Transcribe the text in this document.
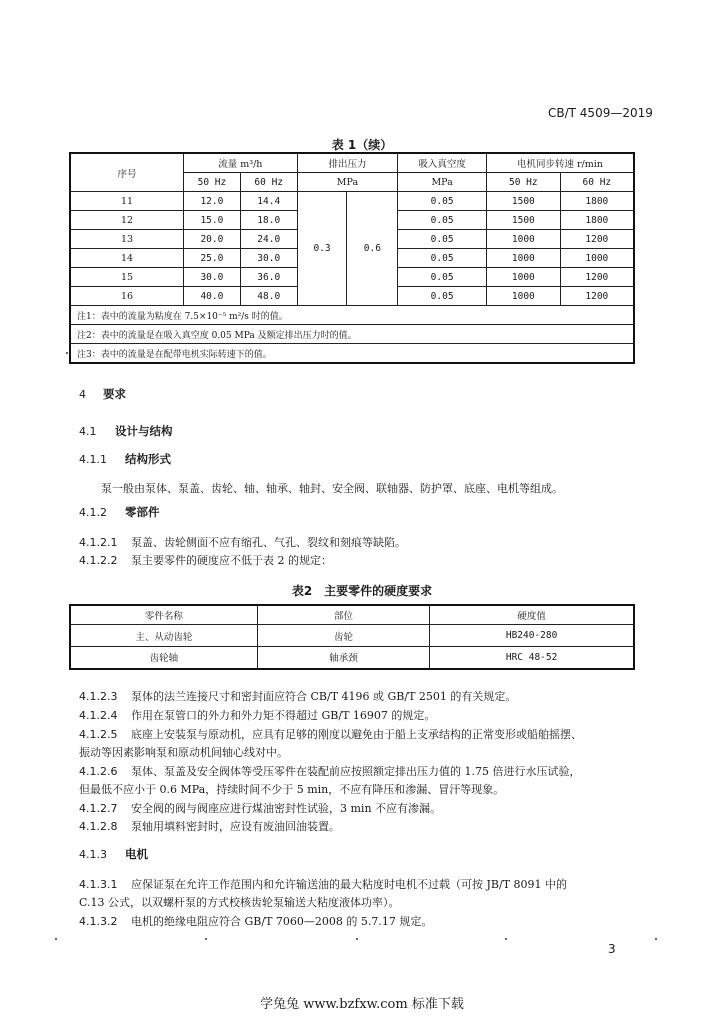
CB/T 4509—2019
表 1（续）
序号	流量 m³/h		排出压力		吸入真空度	电机同步转速 r/min	
	50 Hz	60 Hz	MPa		MPa	50 Hz	60 Hz
11	12.0	14.4	0.3	0.6	0.05	1500	1800
12	15.0	18.0			0.05	1500	1800
13	20.0	24.0			0.05	1000	1200
14	25.0	30.0			0.05	1000	1000
15	30.0	36.0			0.05	1000	1200
16	40.0	48.0			0.05	1000	1200
注1：表中的流量为粘度在 7.5×10⁻⁵ m²/s 时的值。							
注2：表中的流量是在吸入真空度 0.05 MPa 及额定排出压力时的值。							
注3：表中的流量是在配带电机实际转速下的值。							
4 要求
4.1 设计与结构
4.1.1 结构形式
泵一般由泵体、泵盖、齿轮、轴、轴承、轴封、安全阀、联轴器、防护罩、底座、电机等组成。
4.1.2 零部件
4.1.2.1 泵盖、齿轮侧面不应有缩孔、气孔、裂纹和刻痕等缺陷。
4.1.2.2 泵主要零件的硬度应不低于表 2 的规定：
表2　主要零件的硬度要求
零件名称	部位	硬度值
主、从动齿轮	齿轮	HB240-280
齿轮轴	轴承颈	HRC 48-52
4.1.2.3 泵体的法兰连接尺寸和密封面应符合 CB/T 4196 或 GB/T 2501 的有关规定。
4.1.2.4 作用在泵管口的外力和外力矩不得超过 GB/T 16907 的规定。
4.1.2.5 底座上安装泵与原动机，应具有足够的刚度以避免由于船上支承结构的正常变形或船舶摇摆、
振动等因素影响泵和原动机间轴心线对中。
4.1.2.6 泵体、泵盖及安全阀体等受压零件在装配前应按照额定排出压力值的 1.75 倍进行水压试验，
但最低不应小于 0.6 MPa，持续时间不少于 5 min，不应有降压和渗漏、冒汗等现象。
4.1.2.7 安全阀的阀与阀座应进行煤油密封性试验，3 min 不应有渗漏。
4.1.2.8 泵轴用填料密封时，应设有废油回油装置。
4.1.3 电机
4.1.3.1 应保证泵在允许工作范围内和允许输送油的最大粘度时电机不过载（可按 JB/T 8091 中的
C.13 公式，以双螺杆泵的方式校核齿轮泵输送大粘度液体功率）。
4.1.3.2 电机的绝缘电阻应符合 GB/T 7060—2008 的 5.7.17 规定。
3
学兔兔 www.bzfxw.com 标准下载
